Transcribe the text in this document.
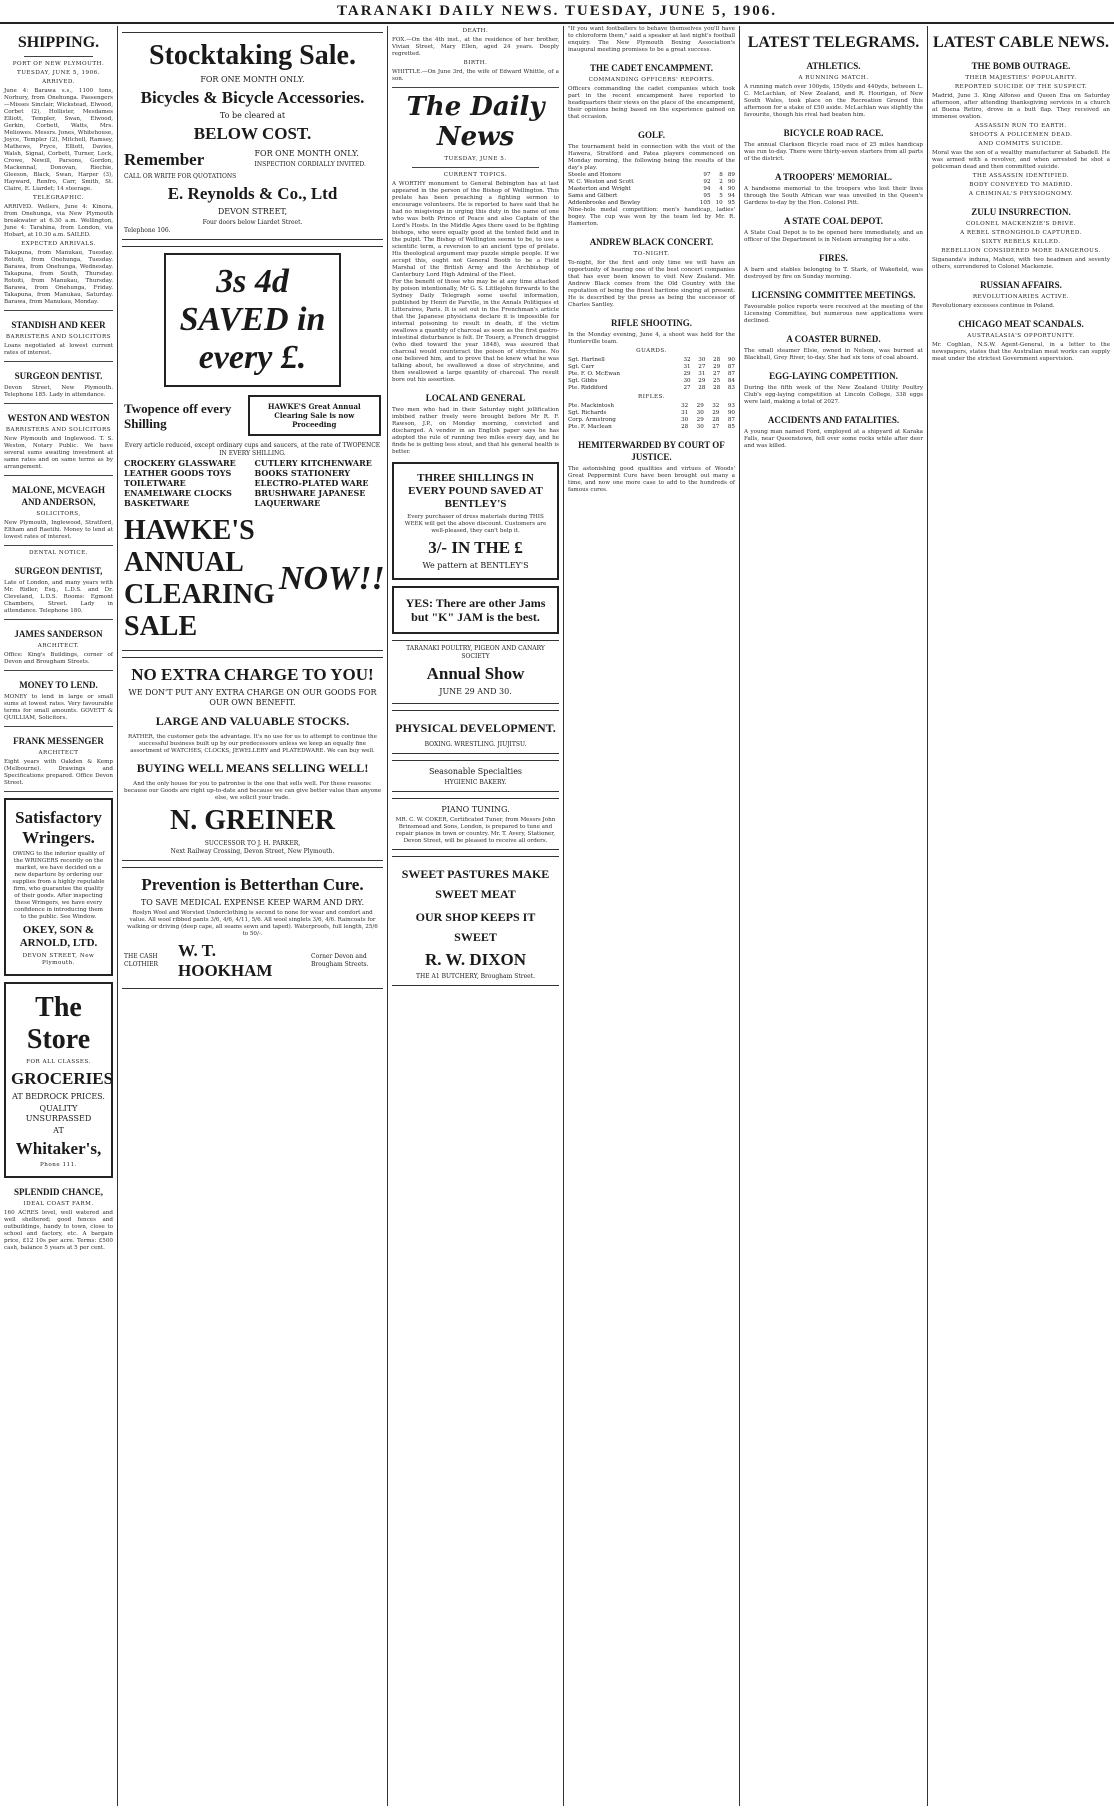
TARANAKI DAILY NEWS. TUESDAY, JUNE 5, 1906.
SHIPPING.
PORT OF NEW PLYMOUTH.
TUESDAY, JUNE 5, 1906.
ARRIVED.

June 4: Barawa s.s., 1100 tons, Norbury, from Onehunga. Passengers—Misses Sinclair, Wickstead, Elwood, Corbet (2), Hollister, Mesdames Elliott, Templer, Swan, Elwood, Gerkin, Corbett, Watts, Mrs. Meliowes. Messrs. Jones, Whitehouse, Joyce, Templer (2), Mitchell, Ramsey, Mathews, Pryce, Elliott, Davies, Walsh, Signal, Corbett, Turner, Lock, Crowe, Newill, Parsons, Gordon, Mackennal, Donovan, Riechie, Gleeson, Black, Swan, Harper (3), Hayward, Renfro, Carr, Smith, St. Claire, E. Liardet; 14 steerage.

TELEGRAPHIC.

ARRIVED. Wellers, June 4: Kinora, from Onehunga, via New Plymouth breakwater at 6.30 a.m. Wellington, June 4: Tarahina, from London, via Hobart, at 10.30 a.m. SAILED.

EXPECTED ARRIVALS.

Takapuna, from Manukau, Tuesday. Rotoiti, from Onehunga, Tuesday. Barawa, from Onehunga, Wednesday. Takapuna, from South, Thursday. Rotoiti, from Manukau, Thursday. Barawa, from Onehunga, Friday. Takapuna, from Manukau, Saturday. Barawa, from Manukau, Monday.

STANDISH AND KEER
BARRISTERS AND SOLICITORS

Loans negotiated at lowest current rates of interest.

SURGEON DENTIST.

Devon Street, New Plymouth. Telephone 185. Lady in attendance.

WESTON AND WESTON
BARRISTERS AND SOLICITORS

New Plymouth and Inglewood. T. S. Weston, Notary Public. We have several sums awaiting investment at same rates and on same terms as by arrangement.

MALONE, MCVEAGH AND ANDERSON,
SOLICITORS,

New Plymouth, Inglewood, Stratford, Eltham and Raetihi. Money to lend at lowest rates of interest.

DENTAL NOTICE.
SURGEON DENTIST,

Late of London, and many years with Mr. Ridler, Esq., L.D.S. and Dr. Cleveland, L.D.S. Rooms: Egmont Chambers, Street. Lady in attendance. Telephone 180.

JAMES SANDERSON
ARCHITECT.

Office: King's Buildings, corner of Devon and Brougham Streets.

MONEY TO LEND.

MONEY to lend in large or small sums at lowest rates. Very favourable terms for small amounts. GOVETT & QUILLIAM, Solicitors.

FRANK MESSENGER
ARCHITECT

Eight years with Oakden & Kemp (Melbourne). Drawings and Specifications prepared. Office Devon Street.

Satisfactory Wringers.

OWING to the inferior quality of the WRINGERS recently on the market, we have decided on a new departure by ordering our supplies from a highly reputable firm, who guarantee the quality of their goods. After inspecting these Wringers, we have every confidence in introducing them to the public. See Window.

OKEY, SON & ARNOLD, LTD.
DEVON STREET, New Plymouth.
The Store
FOR ALL CLASSES.
GROCERIES
AT BEDROCK PRICES.
QUALITY UNSURPASSED
AT
Whitaker's,
Phone 111.
SPLENDID CHANCE,
IDEAL COAST FARM.

160 ACRES level, well watered and well sheltered; good fences and outbuildings, handy to town, close to school and factory, etc. A bargain price, £12 10s per acre. Terms: £500 cash, balance 5 years at 5 per cent.

Stocktaking Sale.
FOR ONE MONTH ONLY.
Bicycles & Bicycle Accessories.
To be cleared at
BELOW COST.
Remember
CALL OR WRITE FOR QUOTATIONS
FOR ONE MONTH ONLY.
INSPECTION CORDIALLY INVITED.
E. Reynolds & Co., Ltd
DEVON STREET,
Four doors below Liardet Street.
Telephone 106.
3s 4d SAVED in every £.
Twopence off every Shilling
HAWKE'S Great Annual Clearing Sale is now Proceeding
Every article reduced, except ordinary cups and saucers, at the rate of TWOPENCE IN EVERY SHILLING.
CROCKERY GLASSWARE LEATHER GOODS TOYS TOILETWARE ENAMELWARE CLOCKS BASKETWARE
CUTLERY KITCHENWARE BOOKS STATIONERY ELECTRO-PLATED WARE BRUSHWARE JAPANESE LAQUERWARE
HAWKE'S ANNUAL CLEARING SALE
NOW!!
NO EXTRA CHARGE TO YOU!
WE DON'T PUT ANY EXTRA CHARGE ON OUR GOODS FOR OUR OWN BENEFIT.
LARGE AND VALUABLE STOCKS.

RATHER, the customer gets the advantage. It's no use for us to attempt to continue the successful business built up by our predecessors unless we keep an equally fine assortment of WATCHES, CLOCKS, JEWELLERY and PLATEDWARE. We can buy well.

BUYING WELL MEANS SELLING WELL!

And the only house for you to patronise is the one that sells well. For these reasons: because our Goods are right up-to-date and because we can give better value than anyone else, we solicit your trade.

N. GREINER
SUCCESSOR TO J. H. PARKER,
Next Railway Crossing, Devon Street, New Plymouth.
Prevention is Betterthan Cure.
TO SAVE MEDICAL EXPENSE KEEP WARM AND DRY.

Roslyn Wool and Worsted Underclothing is second to none for wear and comfort and value. All wool ribbed pants 3/6, 4/6, 4/11, 5/6. All wool singlets 3/6, 4/6. Raincoats for walking or driving (deep cape, all seams sewn and taped). Waterproofs, full length, 25/6 to 50/-.

THE CASH CLOTHIER
W. T. HOOKHAM
Corner Devon and Brougham Streets.
DEATH.

FOX.—On the 4th inst., at the residence of her brother, Vivian Street, Mary Ellen, aged 24 years. Deeply regretted.

BIRTH.

WHITTLE.—On June 3rd, the wife of Edward Whittle, of a son.

The Daily News
TUESDAY, JUNE 5.
CURRENT TOPICS.

A WORTHY monument to General Bebington has at last appeared in the person of the Bishop of Wellington. This prelate has been preaching a fighting sermon to encourage volunteers. He is reported to have said that he had no misgivings in urging this duty in the name of one who was both Prince of Peace and also Captain of the Lord's Hosts. In the Middle Ages there used to be fighting bishops, who were equally good at the tented field and in the pulpit. The Bishop of Wellington seems to be, to use a scientific term, a reversion to an ancient type of prelate. His theological argument may puzzle simple people. If we accept this, ought not General Booth to be a Field Marshal of the British Army and the Archbishop of Canterbury Lord High Admiral of the Fleet.

For the benefit of those who may be at any time attacked by poison intentionally, Mr G. S. Littlejohn forwards to the Sydney Daily Telegraph some useful information, published by Henri de Parville, in the Annals Politiques et Litteraires, Paris. It is set out in the Frenchman's article that the Japanese physicians declare it is impossible for internal poisoning to result in death, if the victim swallows a quantity of charcoal as soon as the first gastro-intestinal disturbance is felt. Dr Touery, a French druggist (who died toward the year 1848), was assured that charcoal would counteract the poison of strychnine. No one believed him, and to prove that he knew what he was talking about, he swallowed a dose of strychnine, and then swallowed a large quantity of charcoal. The result bore out his assertion.

LOCAL AND GENERAL

Two men who had in their Saturday night jollification imbibed rather freely were brought before Mr R. F. Rawson, J.P., on Monday morning, convicted and discharged. A vendor in an English paper says he has adopted the rule of running two miles every day, and he finds he is getting less stout, and that his general health is better.

THREE SHILLINGS IN EVERY POUND SAVED AT BENTLEY'S

Every purchaser of dress materials during THIS WEEK will get the above discount. Customers are well-pleased, they can't help it.

3/- IN THE £
We pattern at BENTLEY'S
YES: There are other Jams but "K" JAM is the best.
TARANAKI POULTRY, PIGEON AND CANARY SOCIETY
Annual Show
JUNE 29 AND 30.
PHYSICAL DEVELOPMENT.
BOXING. WRESTLING. JIUJITSU.
Seasonable Specialties
HYGIENIC BAKERY.
PIANO TUNING.

MR. C. W. COKER, Certificated Tuner, from Messrs John Brinsmead and Sons, London, is prepared to tune and repair pianos in town or country. Mr. T. Avery, Stationer, Devon Street, will be pleased to receive all orders.

SWEET PASTURES MAKE SWEET MEAT
OUR SHOP KEEPS IT SWEET
R. W. DIXON
THE A1 BUTCHERY, Brougham Street.

"If you want footballers to behave themselves you'll have to chloroform them," said a speaker at last night's football enquiry. The New Plymouth Boxing Association's inaugural meeting promises to be a great success.

THE CADET ENCAMPMENT.
COMMANDING OFFICERS' REPORTS.

Officers commanding the cadet companies which took part in the recent encampment have reported to headquarters their views on the place of the encampment, their opinions being based on the experience gained on that occasion.

GOLF.

The tournament held in connection with the visit of the Hawera, Stratford and Patea players commenced on Monday morning, the following being the results of the day's play.

Steele and Honore	97	8	89
W. C. Weston and Scott	92	2	90
Masterton and Wright	94	4	90
Sams and Gilbert	95	5	94
Addenbrooke and Bewley	105	10	95

Nine-hole medal competition: men's handicap, ladies' bogey. The cup was won by the team led by Mr. R. Hamerton.

ANDREW BLACK CONCERT.
TO-NIGHT.

To-night, for the first and only time we will have an opportunity of hearing one of the best concert companies that has ever been known to visit New Zealand. Mr. Andrew Black comes from the Old Country with the reputation of being the finest baritone singing at present. He is described by the press as being the successor of Charles Santley.

RIFLE SHOOTING.

In the Monday evening, June 4, a shoot was held for the Hunterville team.

GUARDS.
Sgt. Hartnell	32	30	28	90
Sgt. Carr	31	27	29	87
Pte. F. O. McEwan	29	31	27	87
Sgt. Gibbs	30	29	25	84
Pte. Riddiford	27	28	28	83
RIFLES.
Pte. Mackintosh	32	29	32	93
Sgt. Richards	31	30	29	90
Corp. Armstrong	30	29	28	87
Pte. F. Maclean	28	30	27	85
HEMITERWARDED BY COURT OF JUSTICE.

The astonishing good qualities and virtues of Woods' Great Peppermint Cure have been brought out many a time, and now one more case to add to the hundreds of famous cures.

LATEST TELEGRAMS.
ATHLETICS.
A RUNNING MATCH.

A running match over 100yds, 150yds and 440yds, between L. C. McLachlan, of New Zealand, and R. Hourigan, of New South Wales, took place on the Recreation Ground this afternoon for a stake of £50 aside. McLachlan was slightly the favourite, though his rival had beaten him.

BICYCLE ROAD RACE.

The annual Clarkson Bicycle road race of 25 miles handicap was run to-day. There were thirty-seven starters from all parts of the district.

A TROOPERS' MEMORIAL.

A handsome memorial to the troopers who lost their lives through the South African war was unveiled in the Queen's Gardens to-day by the Hon. Colonel Pitt.

A STATE COAL DEPOT.

A State Coal Depot is to be opened here immediately, and an officer of the Department is in Nelson arranging for a site.

FIRES.

A barn and stables belonging to T. Stark, of Wakefield, was destroyed by fire on Sunday morning.

LICENSING COMMITTEE MEETINGS.

Favourable police reports were received at the meeting of the Licensing Committee, but numerous new applications were declined.

A COASTER BURNED.

The small steamer Elsie, owned in Nelson, was burned at Blackball, Grey River, to-day. She had six tons of coal aboard.

EGG-LAYING COMPETITION.

During the fifth week of the New Zealand Utility Poultry Club's egg-laying competition at Lincoln College, 338 eggs were laid, making a total of 2027.

ACCIDENTS AND FATALITIES.

A young man named Ford, employed at a shipyard at Karaka Falls, near Queenstown, fell over some rocks while after deer and was killed.

LATEST CABLE NEWS.
THE BOMB OUTRAGE.
THEIR MAJESTIES' POPULARITY.
REPORTED SUICIDE OF THE SUSPECT.

Madrid, June 3. King Alfonso and Queen Ena on Saturday afternoon, after attending thanksgiving services in a church at Buena Retiro, drove in a butt flap. They received an immense ovation.

ASSASSIN RUN TO EARTH.
SHOOTS A POLICEMEN DEAD.
AND COMMITS SUICIDE.

Moral was the son of a wealthy manufacturer at Sabadell. He was armed with a revolver, and when arrested he shot a policeman dead and then committed suicide.

THE ASSASSIN IDENTIFIED.
BODY CONVEYED TO MADRID.
A CRIMINAL'S PHYSIOGNOMY.
ZULU INSURRECTION.
COLONEL MACKENZIE'S DRIVE.
A REBEL STRONGHOLD CAPTURED.
SIXTY REBELS KILLED.
REBELLION CONSIDERED MORE DANGEROUS.

Sigananda's induna, Mahezi, with two headmen and seventy others, surrendered to Colonel Mackenzie.

RUSSIAN AFFAIRS.
REVOLUTIONARIES ACTIVE.

Revolutionary excesses continue in Poland.

CHICAGO MEAT SCANDALS.
AUSTRALASIA'S OPPORTUNITY.

Mr. Coghlan, N.S.W. Agent-General, in a letter to the newspapers, states that the Australian meat works can supply meat under the strictest Government supervision.
